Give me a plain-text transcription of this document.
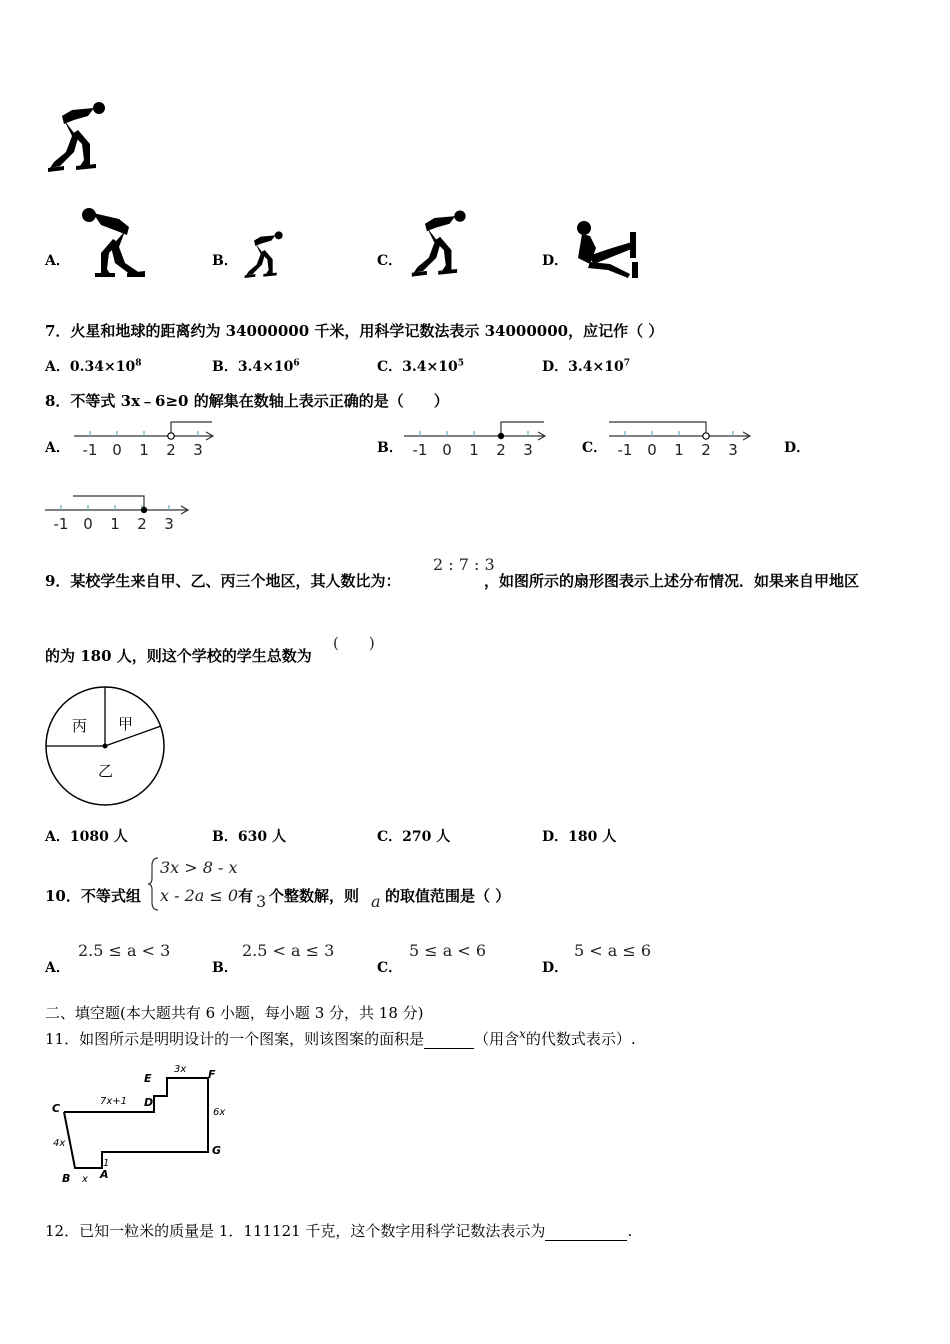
A．	B．	C．	D．
7．火星和地球的距离约为 34000000 千米，用科学记数法表示 34000000，应记作（ ）
A．$0.34\times 10^8$	B．$3.4\times 10^6$	C．$3.4\times 10^5$	D．$3.4\times 10^7$
8．不等式 3x﹣6≥0 的解集在数轴上表示正确的是（　　）
A． -1 0 1 2 3	B． -1 0 1 2 3	C． -1 0 1 2 3	D．
-1 0 1 2 3
9．某校学生来自甲、乙、丙三个地区，其人数比为：
2 : 7 : 3
，如图所示的扇形图表示上述分布情况．如果来自甲地区
的为 180 人，则这个学校的学生总数为
(　　)
丙 甲
乙
A．1080 人	B．630 人	C．270 人	D．180 人
10．不等式组
3x > 8 - x
x - 2a ≤ 0 有 3 个整数解，则 a 的取值范围是（ ）
A．
2.5 ≤ a < 3
B．
2.5 < a ≤ 3
C．
5 ≤ a < 6
D．
5 < a ≤ 6
二、填空题(本大题共有 6 小题，每小题 3 分，共 18 分)
11．如图所示是明明设计的一个图案，则该图案的面积是	（用含$^x$的代数式表示）.
C	D
E	F
G
B	A
3x
7x+1
6x
4x
x
1
12．已知一粒米的质量是 1．111121 千克，这个数字用科学记数法表示为	.
